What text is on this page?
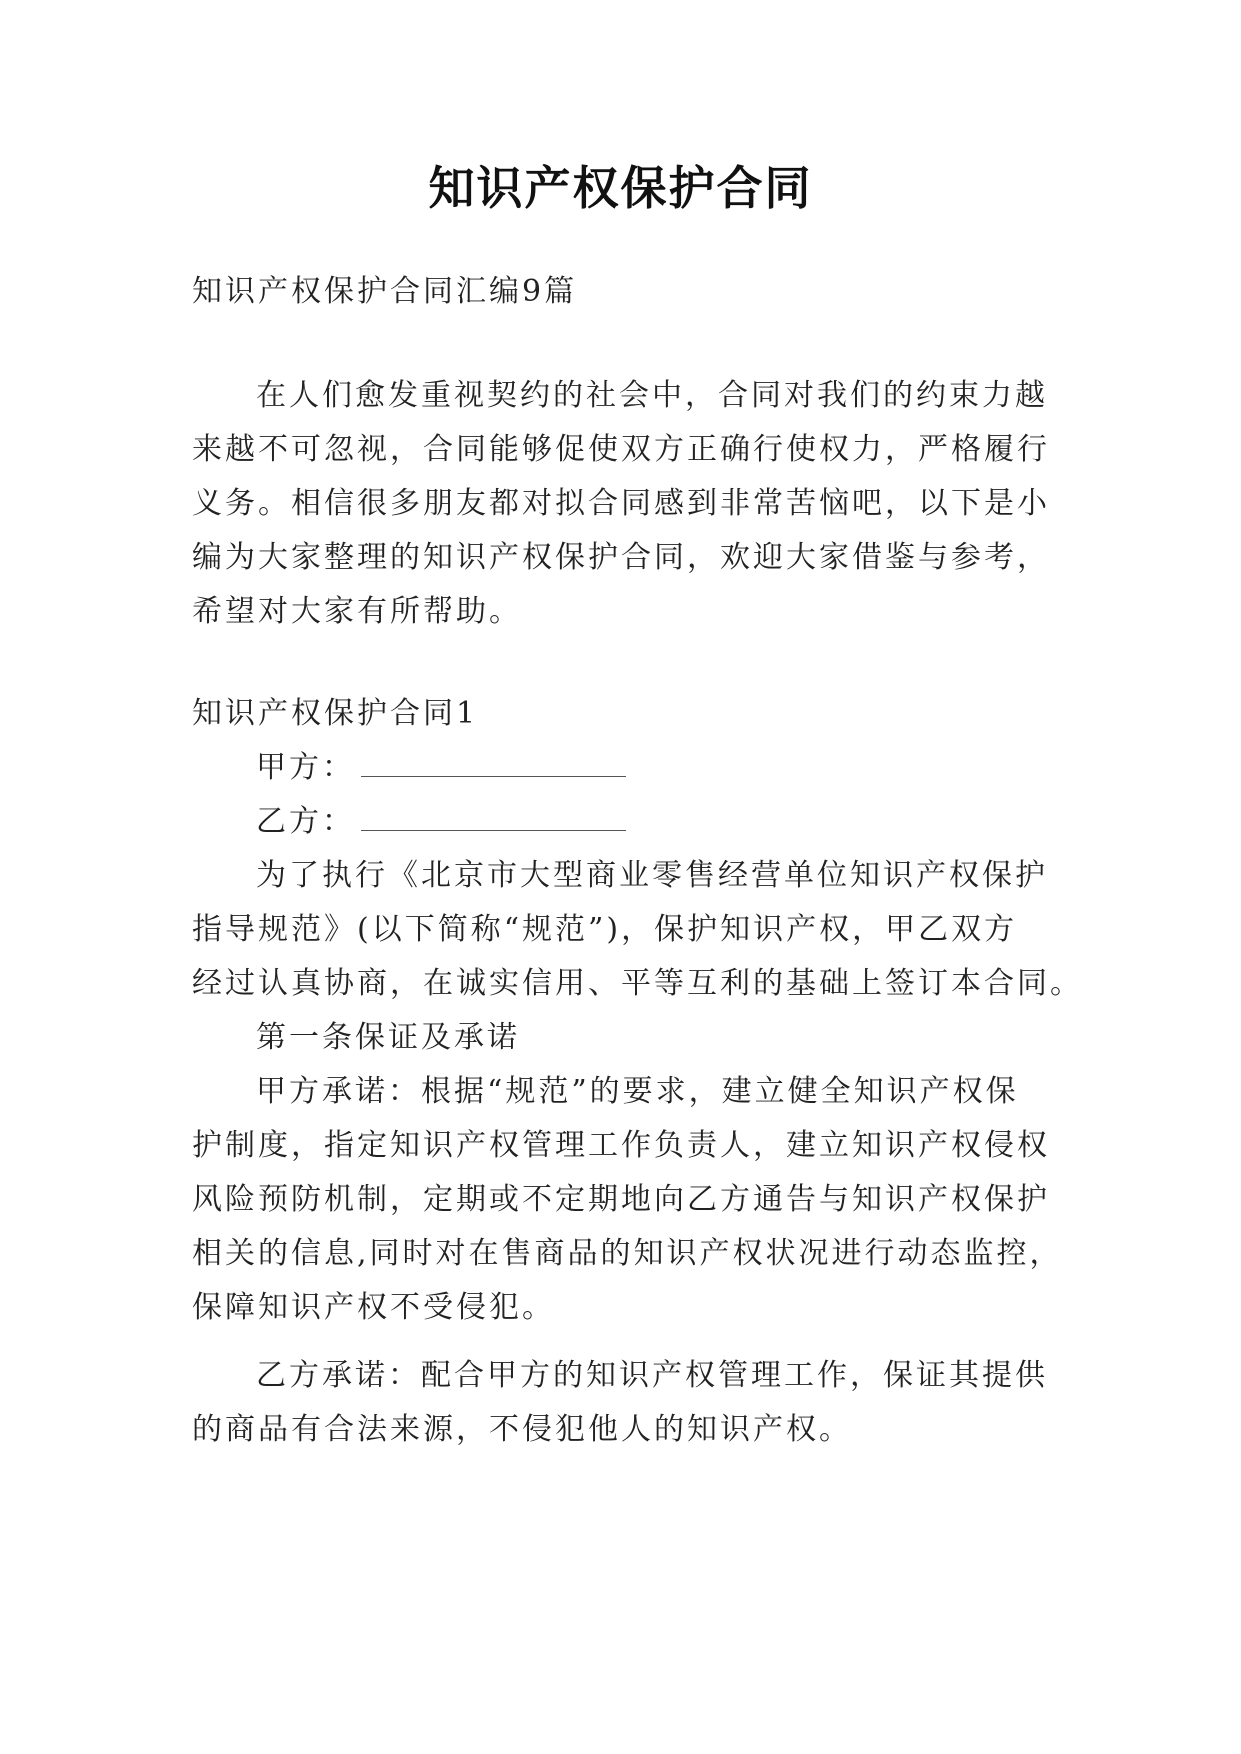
知识产权保护合同
知识产权保护合同汇编9篇
在人们愈发重视契约的社会中，合同对我们的约束力越
来越不可忽视，合同能够促使双方正确行使权力，严格履行
义务。相信很多朋友都对拟合同感到非常苦恼吧，以下是小
编为大家整理的知识产权保护合同，欢迎大家借鉴与参考，
希望对大家有所帮助。
知识产权保护合同1
甲方：
乙方：
为了执行《北京市大型商业零售经营单位知识产权保护
指导规范》(以下简称“规范”)，保护知识产权，甲乙双方
经过认真协商，在诚实信用、平等互利的基础上签订本合同。
第一条保证及承诺
甲方承诺：根据“规范”的要求，建立健全知识产权保
护制度，指定知识产权管理工作负责人，建立知识产权侵权
风险预防机制，定期或不定期地向乙方通告与知识产权保护
相关的信息,同时对在售商品的知识产权状况进行动态监控，
保障知识产权不受侵犯。
乙方承诺：配合甲方的知识产权管理工作，保证其提供
的商品有合法来源，不侵犯他人的知识产权。
